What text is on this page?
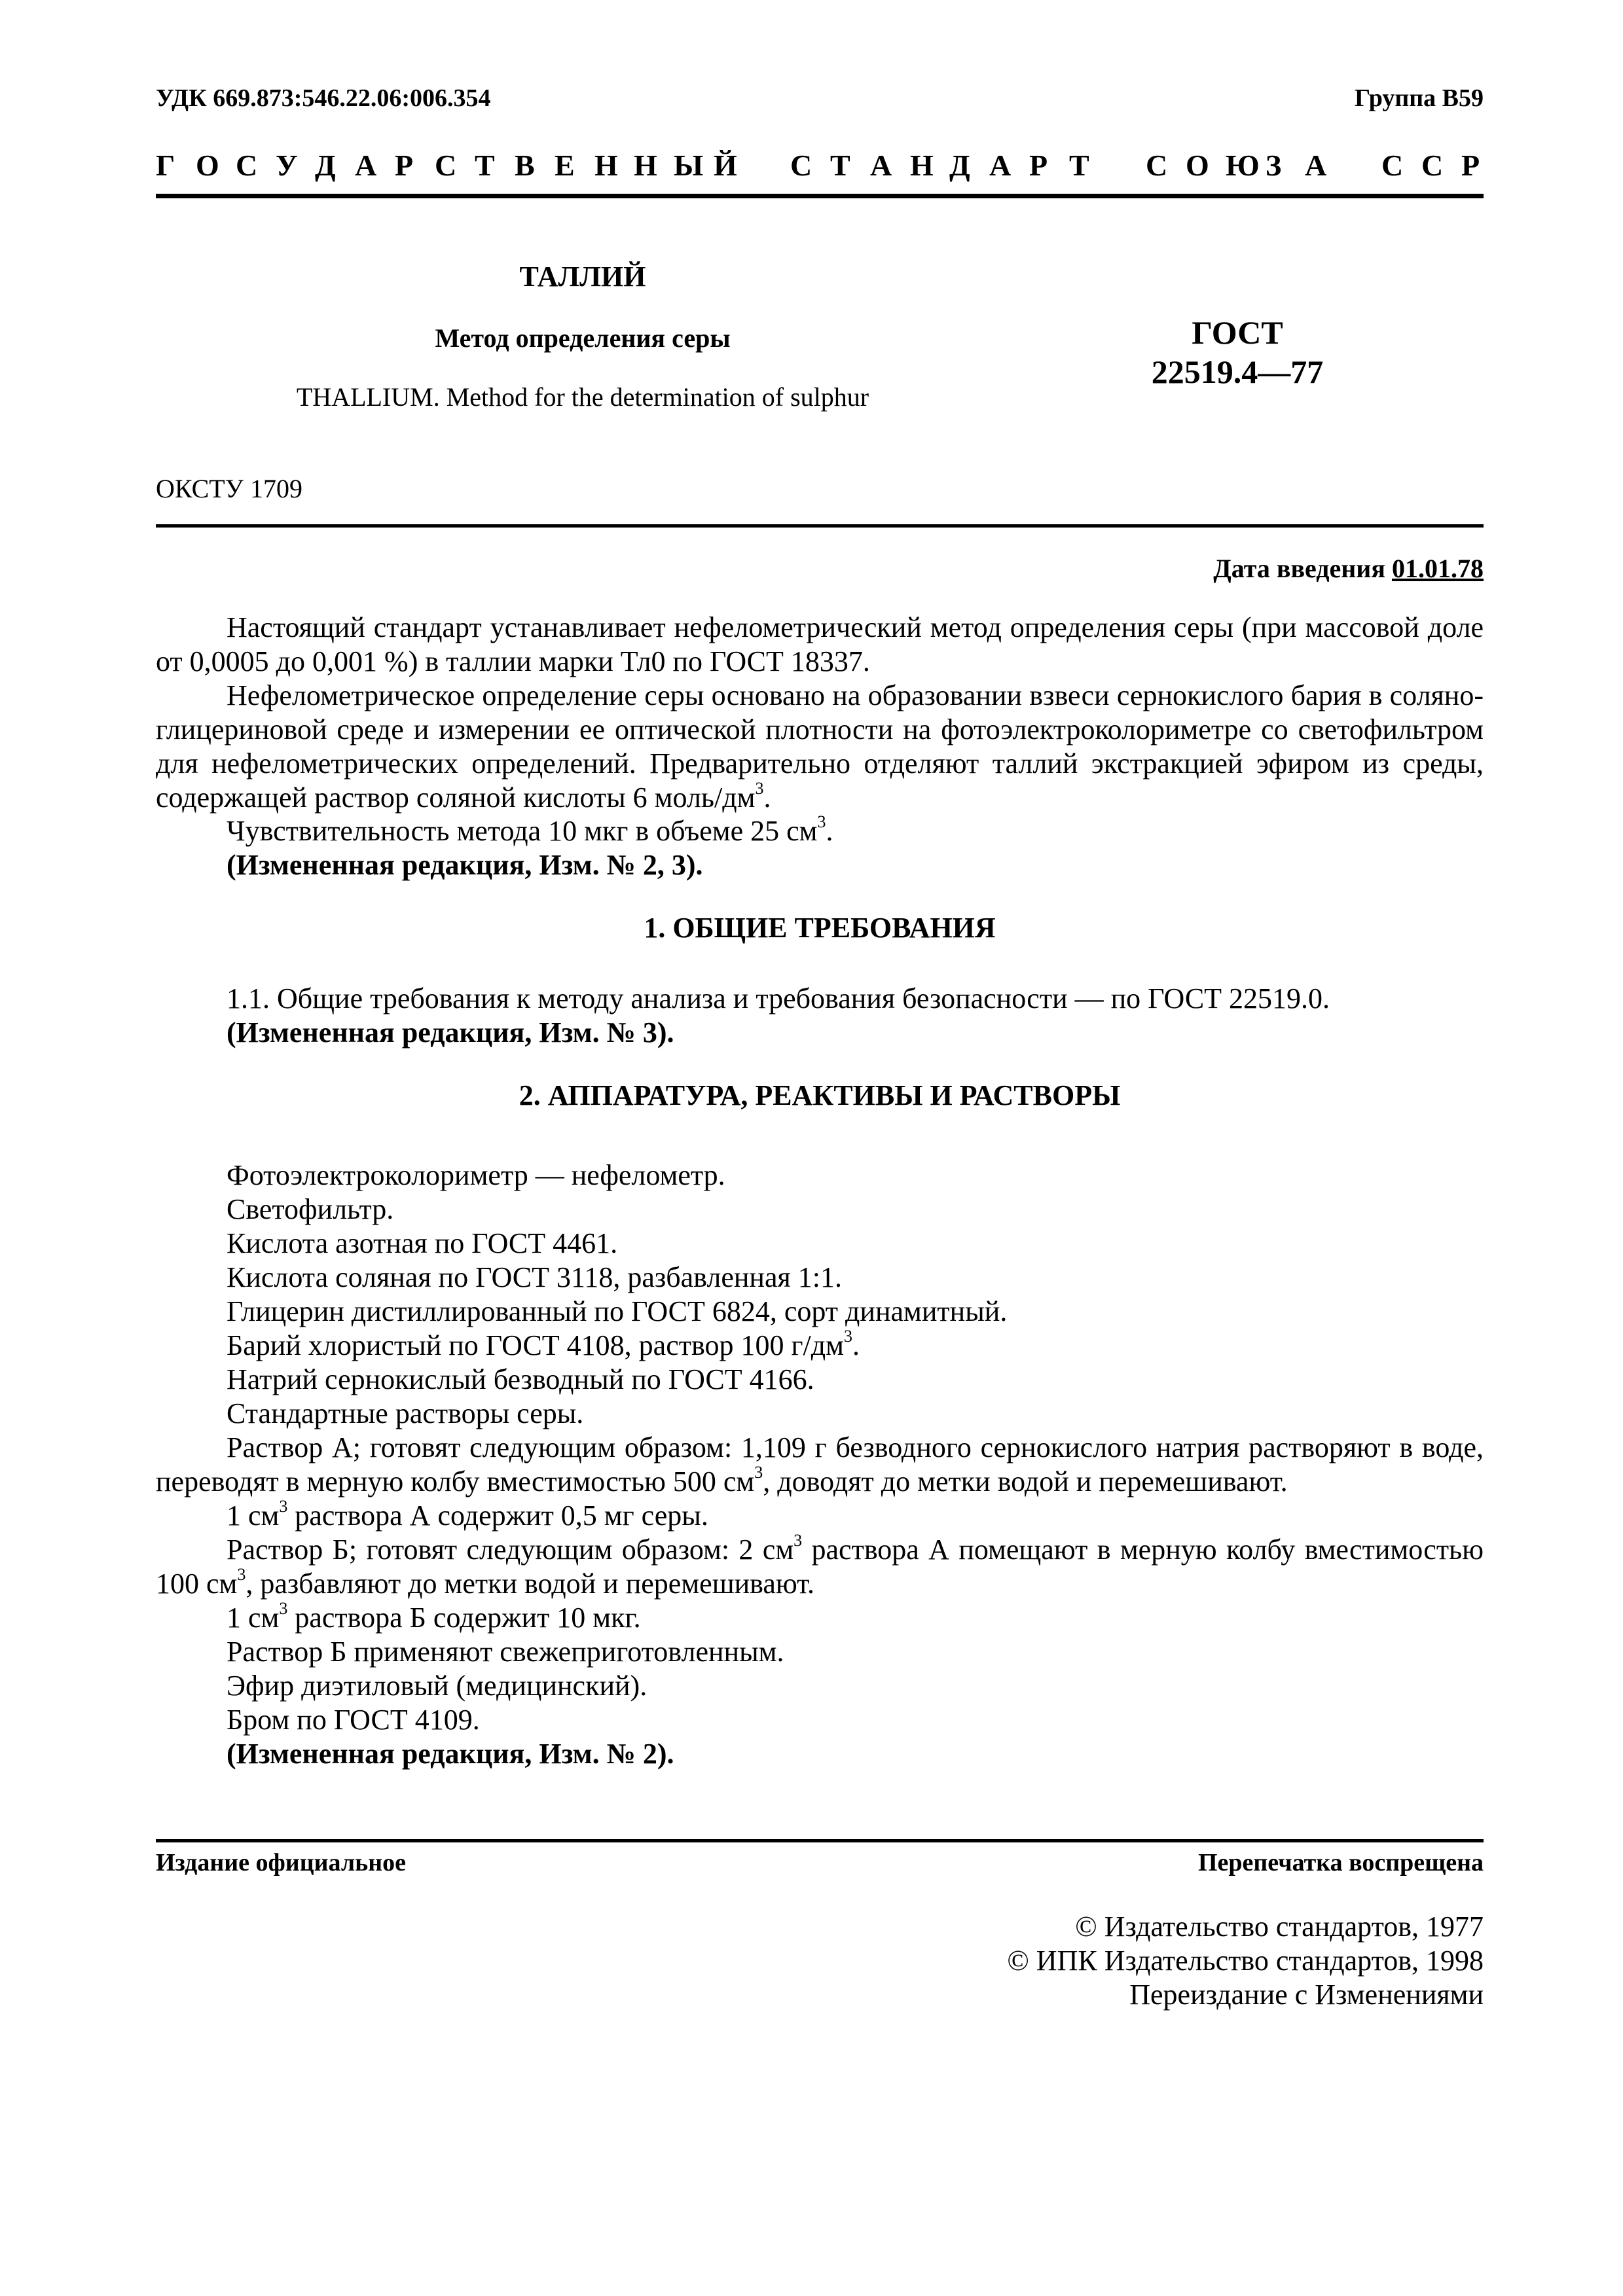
УДК 669.873:546.22.06:006.354	Группа В59
Г О С У Д А Р С Т В Е Н Н Ы Й С Т А Н Д А Р Т С О Ю З А С С Р
ТАЛЛИЙ
Метод определения серы
THALLIUM. Method for the determination of sulphur
ГОСТ
22519.4—77
ОКСТУ 1709
Дата введения 01.01.78
Настоящий стандарт устанавливает нефелометрический метод определения серы (при массовой доле от 0,0005 до 0,001 %) в таллии марки Тл0 по ГОСТ 18337.
Нефелометрическое определение серы основано на образовании взвеси сернокислого бария в соляно-глицериновой среде и измерении ее оптической плотности на фотоэлектроколориметре со светофильтром для нефелометрических определений. Предварительно отделяют таллий экстракцией эфиром из среды, содержащей раствор соляной кислоты 6 моль/$дм^3$.
Чувствительность метода 10 мкг в объеме 25 $см^3$.
(Измененная редакция, Изм. № 2, 3).
1. ОБЩИЕ ТРЕБОВАНИЯ
1.1. Общие требования к методу анализа и требования безопасности — по ГОСТ 22519.0.
(Измененная редакция, Изм. № 3).
2. АППАРАТУРА, РЕАКТИВЫ И РАСТВОРЫ
Фотоэлектроколориметр — нефелометр.
Светофильтр.
Кислота азотная по ГОСТ 4461.
Кислота соляная по ГОСТ 3118, разбавленная 1:1.
Глицерин дистиллированный по ГОСТ 6824, сорт динамитный.
Барий хлористый по ГОСТ 4108, раствор 100 $г/дм^3$.
Натрий сернокислый безводный по ГОСТ 4166.
Стандартные растворы серы.
Раствор А; готовят следующим образом: 1,109 г безводного сернокислого натрия растворяют в воде, переводят в мерную колбу вместимостью 500 $см^3$, доводят до метки водой и перемешивают.
1 $см^3$ раствора А содержит 0,5 мг серы.
Раствор Б; готовят следующим образом: 2 $см^3$ раствора А помещают в мерную колбу вместимостью 100 $см^3$, разбавляют до метки водой и перемешивают.
1 $см^3$ раствора Б содержит 10 мкг.
Раствор Б применяют свежеприготовленным.
Эфир диэтиловый (медицинский).
Бром по ГОСТ 4109.
(Измененная редакция, Изм. № 2).
Издание официальное	Перепечатка воспрещена
© Издательство стандартов, 1977
© ИПК Издательство стандартов, 1998
Переиздание с Изменениями
